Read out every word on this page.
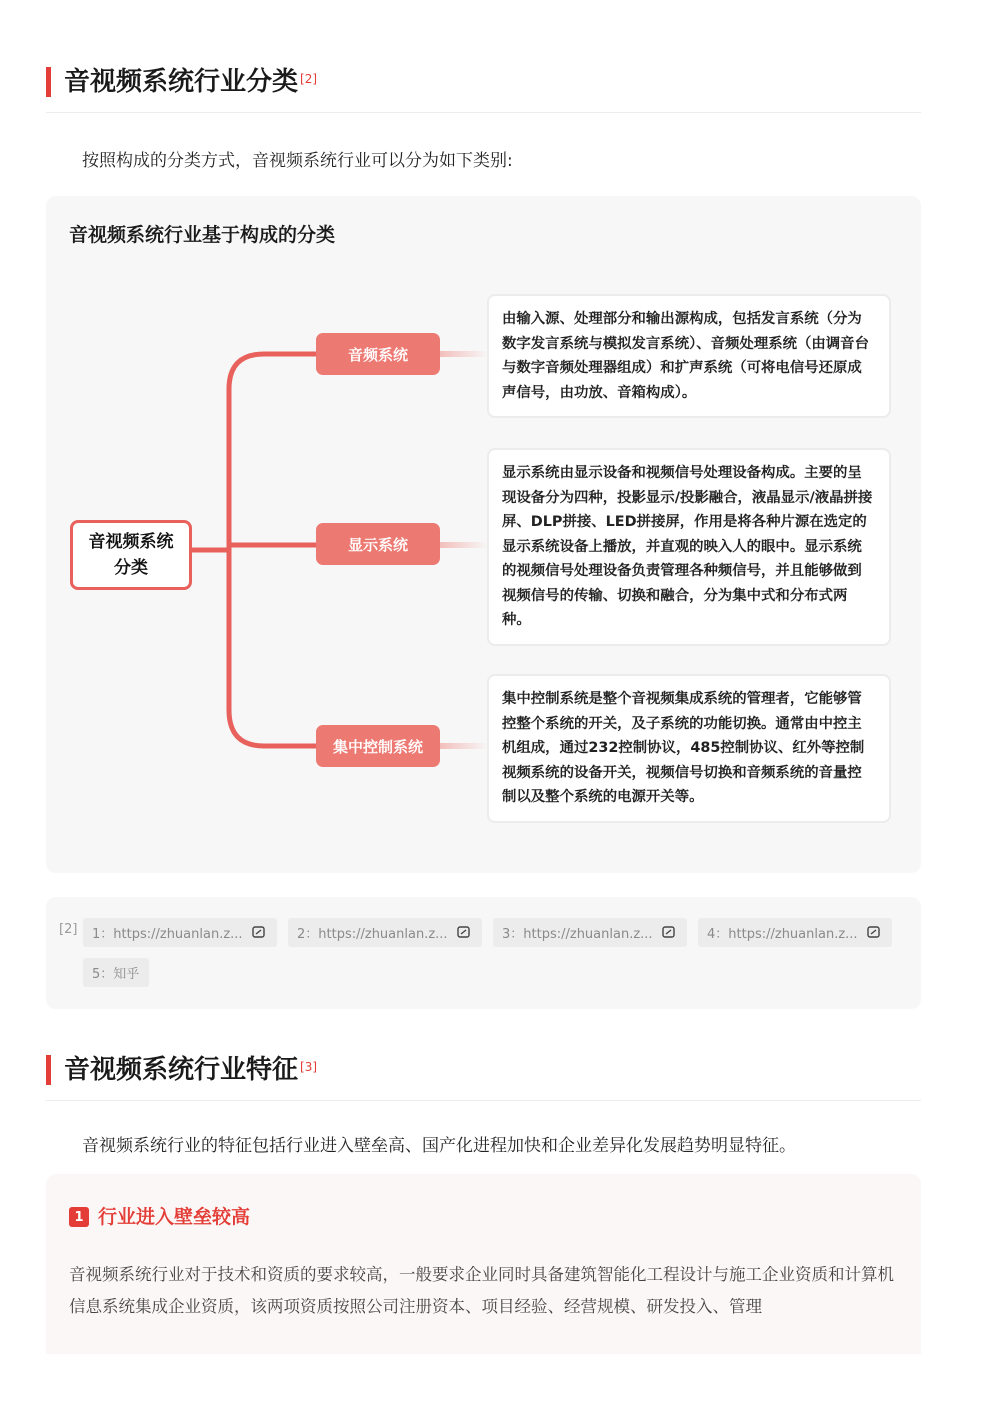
音视频系统行业分类 [2]
按照构成的分类方式，音视频系统行业可以分为如下类别:
音视频系统行业基于构成的分类
音视频系统分类
音频系统
显示系统
集中控制系统
由输入源、处理部分和输出源构成，包括发言系统（分为数字发言系统与模拟发言系统）、音频处理系统（由调音台与数字音频处理器组成）和扩声系统（可将电信号还原成声信号，由功放、音箱构成）。
显示系统由显示设备和视频信号处理设备构成。主要的呈现设备分为四种，投影显示/投影融合，液晶显示/液晶拼接屏、DLP拼接、LED拼接屏，作用是将各种片源在选定的显示系统设备上播放，并直观的映入人的眼中。显示系统的视频信号处理设备负责管理各种频信号，并且能够做到视频信号的传输、切换和融合，分为集中式和分布式两种。
集中控制系统是整个音视频集成系统的管理者，它能够管控整个系统的开关，及子系统的功能切换。通常由中控主机组成，通过232控制协议，485控制协议、红外等控制视频系统的设备开关，视频信号切换和音频系统的音量控制以及整个系统的电源开关等。
[2] 1：https://zhuanlan.z...	2：https://zhuanlan.z...	3：https://zhuanlan.z...	4：https://zhuanlan.z...
5：知乎
音视频系统行业特征 [3]
音视频系统行业的特征包括行业进入壁垒高、国产化进程加快和企业差异化发展趋势明显特征。
1 行业进入壁垒较高
音视频系统行业对于技术和资质的要求较高，一般要求企业同时具备建筑智能化工程设计与施工企业资质和计算机信息系统集成企业资质，该两项资质按照公司注册资本、项目经验、经营规模、研发投入、管理
